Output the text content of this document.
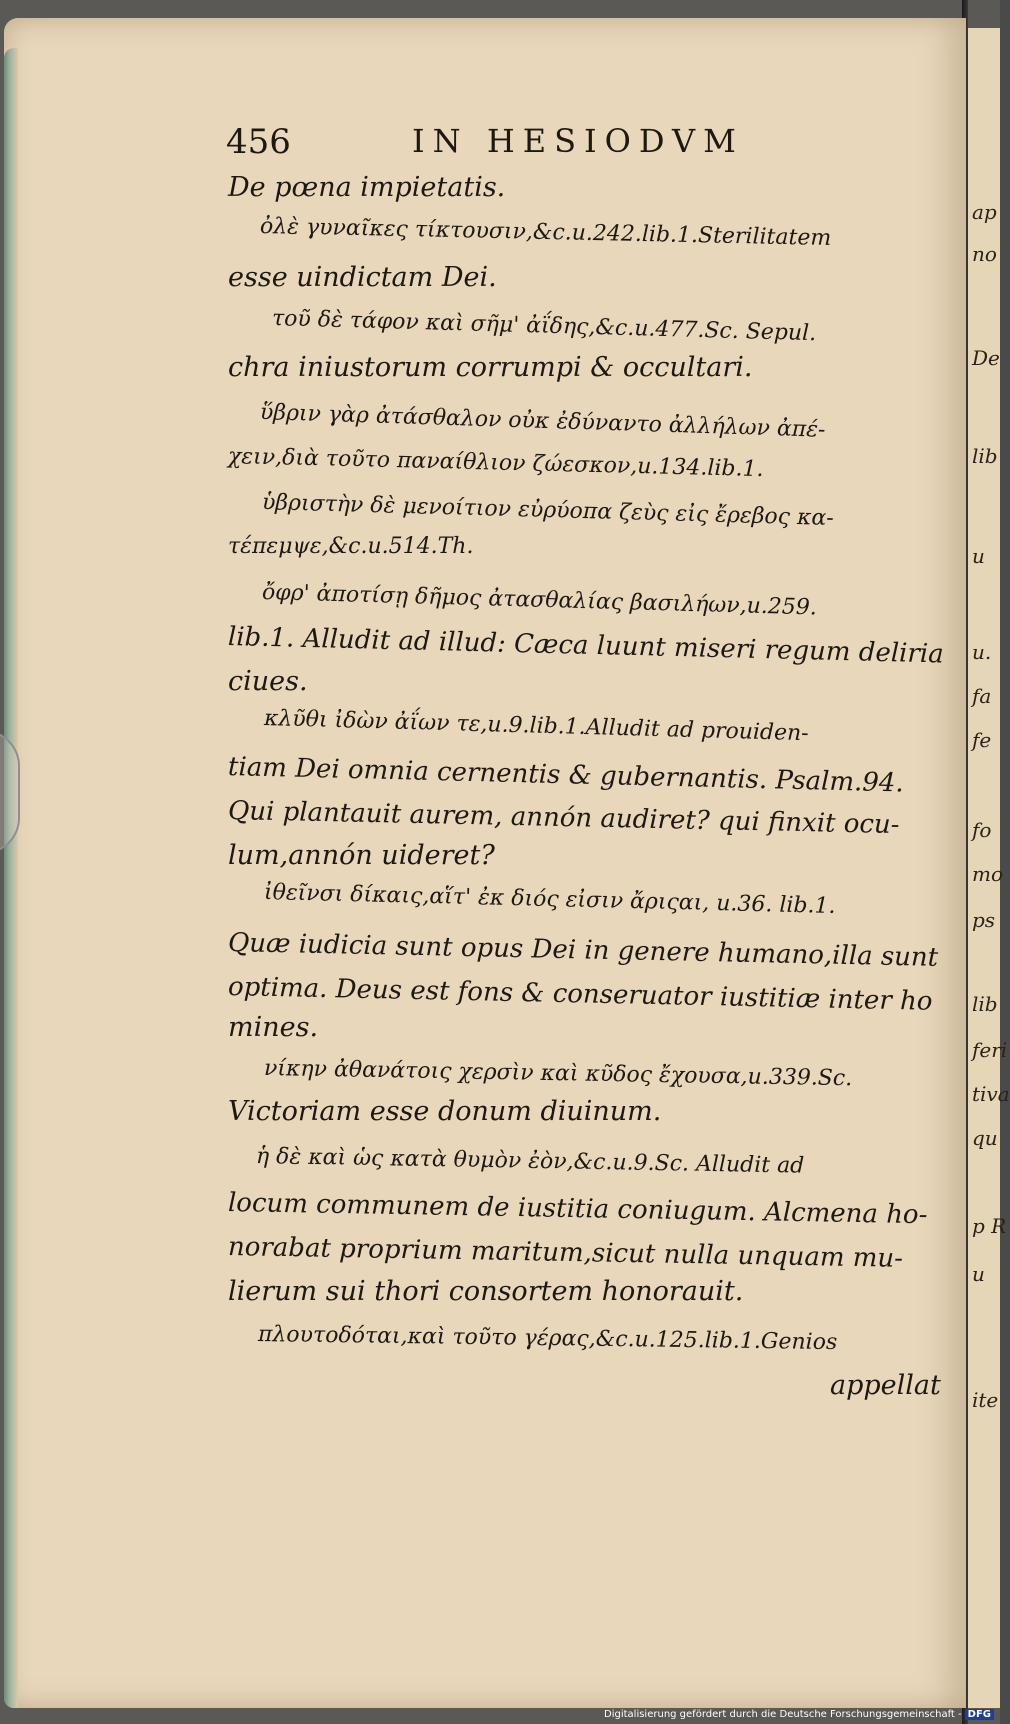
ap
no
De
lib
u
u.
fa
fe
fo
mo
ps
lib
feri
tiva
qu
p R
u
ite
456	IN HESIODVM
De pœna impietatis.
ὀλὲ γυναῖκες τίκτουσιν,&c.u.242.lib.1.Sterilitatem
esse uindictam Dei.
τοῦ δὲ τάφον καὶ σῆμ' ἀΐδης,&c.u.477.Sc. Sepul.
chra iniustorum corrumpi & occultari.
ὕβριν γὰρ ἀτάσθαλον οὐκ ἐδύναντο ἀλλήλων ἀπέ-
χειν,διὰ τοῦτο παναίθλιον ζώεσκον,u.134.lib.1.
ὑβριστὴν δὲ μενοίτιον εὐρύοπα ζεὺς εἰς ἔρεβος κα-
τέπεμψε,&c.u.514.Th.
ὄφρ' ἀποτίσῃ δῆμος ἀτασθαλίας βασιλήων,u.259.
lib.1. Alludit ad illud: Cæca luunt miseri regum deliria
ciues.
κλῦθι ἰδὼν ἀΐων τε,u.9.lib.1.Alludit ad prouiden-
tiam Dei omnia cernentis & gubernantis. Psalm.94.
Qui plantauit aurem, annón audiret? qui finxit ocu-
lum,annón uideret?
ἰθεῖνσι δίκαις,αἵτ' ἐκ διός εἰσιν ἄριςαι, u.36. lib.1.
Quæ iudicia sunt opus Dei in genere humano,illa sunt
optima. Deus est fons & conseruator iustitiæ inter ho
mines.
νίκην ἀθανάτοις χερσὶν καὶ κῦδος ἔχουσα,u.339.Sc.
Victoriam esse donum diuinum.
ἡ δὲ καὶ ὡς κατὰ θυμὸν ἐὸν,&c.u.9.Sc. Alludit ad
locum communem de iustitia coniugum. Alcmena ho-
norabat proprium maritum,sicut nulla unquam mu-
lierum sui thori consortem honorauit.
πλουτοδόται,καὶ τοῦτο γέρας,&c.u.125.lib.1.Genios
appellat
Digitalisierung gefördert durch die Deutsche Forschungsgemeinschaft - DFG
